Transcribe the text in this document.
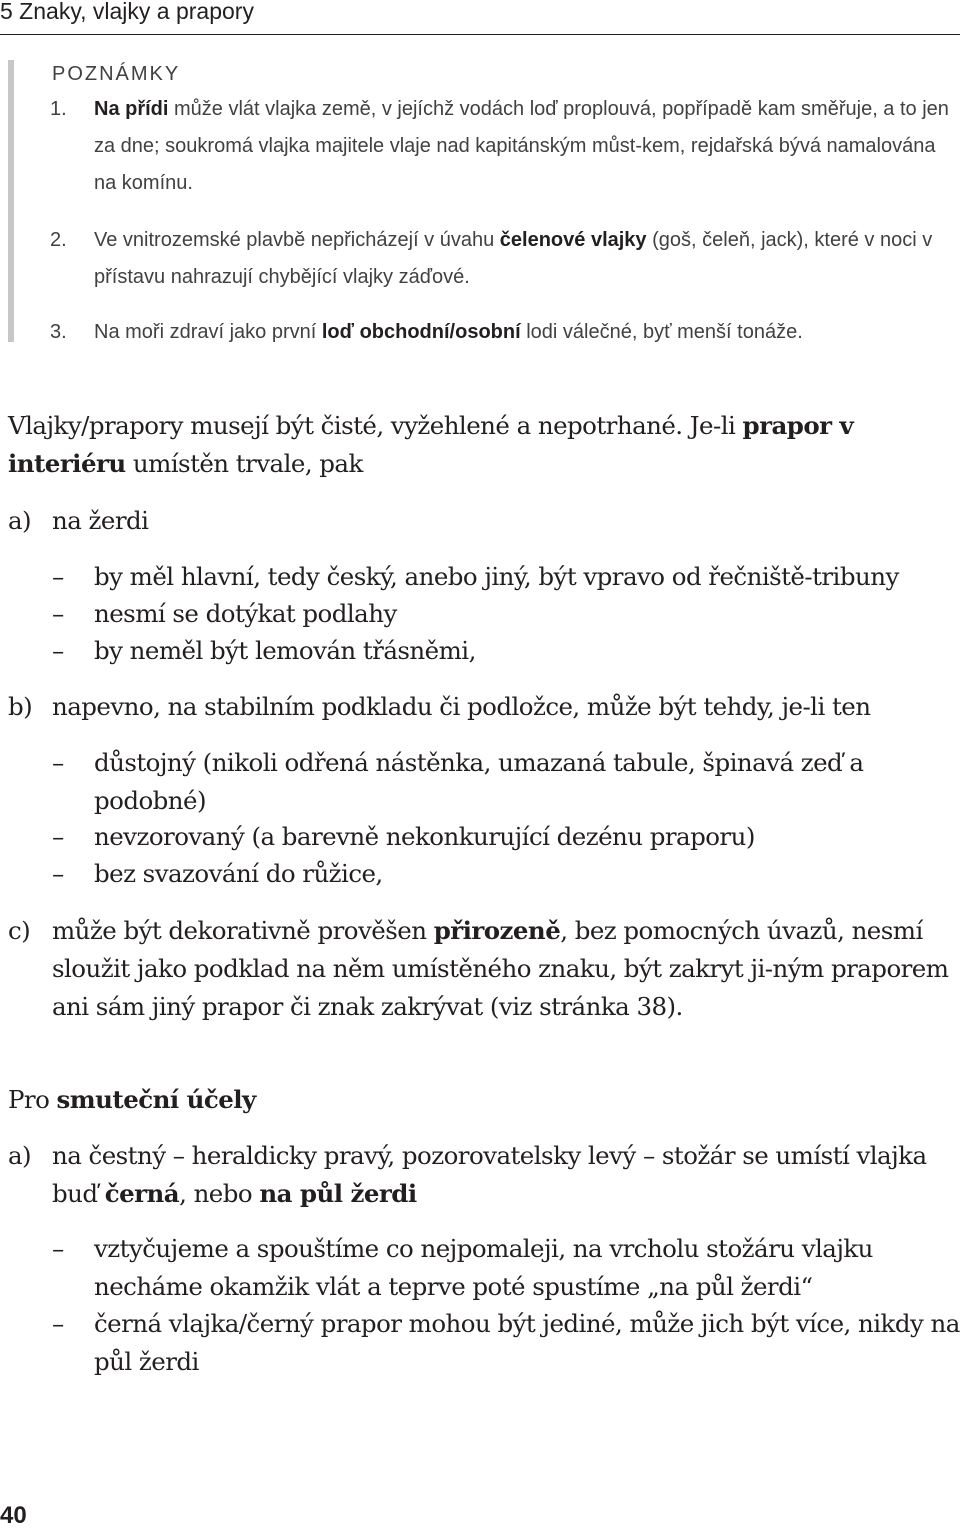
5 Znaky, vlajky a prapory
POZNÁMKY
1. Na přídi může vlát vlajka země, v jejíchž vodách loď proplouvá, popřípadě kam směřuje, a to jen za dne; soukromá vlajka majitele vlaje nad kapitánským můst-kem, rejdařská bývá namalována na komínu.
2. Ve vnitrozemské plavbě nepřicházejí v úvahu čelenové vlajky (goš, čeleň, jack), které v noci v přístavu nahrazují chybějící vlajky záďové.
3. Na moři zdraví jako první loď obchodní/osobní lodi válečné, byť menší tonáže.
Vlajky/prapory musejí být čisté, vyžehlené a nepotrhané. Je-li prapor v interiéru umístěn trvale, pak
a) na žerdi
– by měl hlavní, tedy český, anebo jiný, být vpravo od řečniště-tribuny
– nesmí se dotýkat podlahy
– by neměl být lemován třásněmi,
b) napevno, na stabilním podkladu či podložce, může být tehdy, je-li ten
– důstojný (nikoli odřená nástěnka, umazaná tabule, špinavá zeď a podobné)
– nevzorovaný (a barevně nekonkurující dezénu praporu)
– bez svazování do růžice,
c) může být dekorativně prověšen přirozeně, bez pomocných úvazů, nesmí sloužit jako podklad na něm umístěného znaku, být zakryt ji-ným praporem ani sám jiný prapor či znak zakrývat (viz stránka 38).
Pro smuteční účely
a) na čestný – heraldicky pravý, pozorovatelsky levý – stožár se umístí vlajka buď černá, nebo na půl žerdi
– vztyčujeme a spouštíme co nejpomaleji, na vrcholu stožáru vlajku necháme okamžik vlát a teprve poté spustíme „na půl žerdi“
– černá vlajka/černý prapor mohou být jediné, může jich být více, nikdy na půl žerdi
40
